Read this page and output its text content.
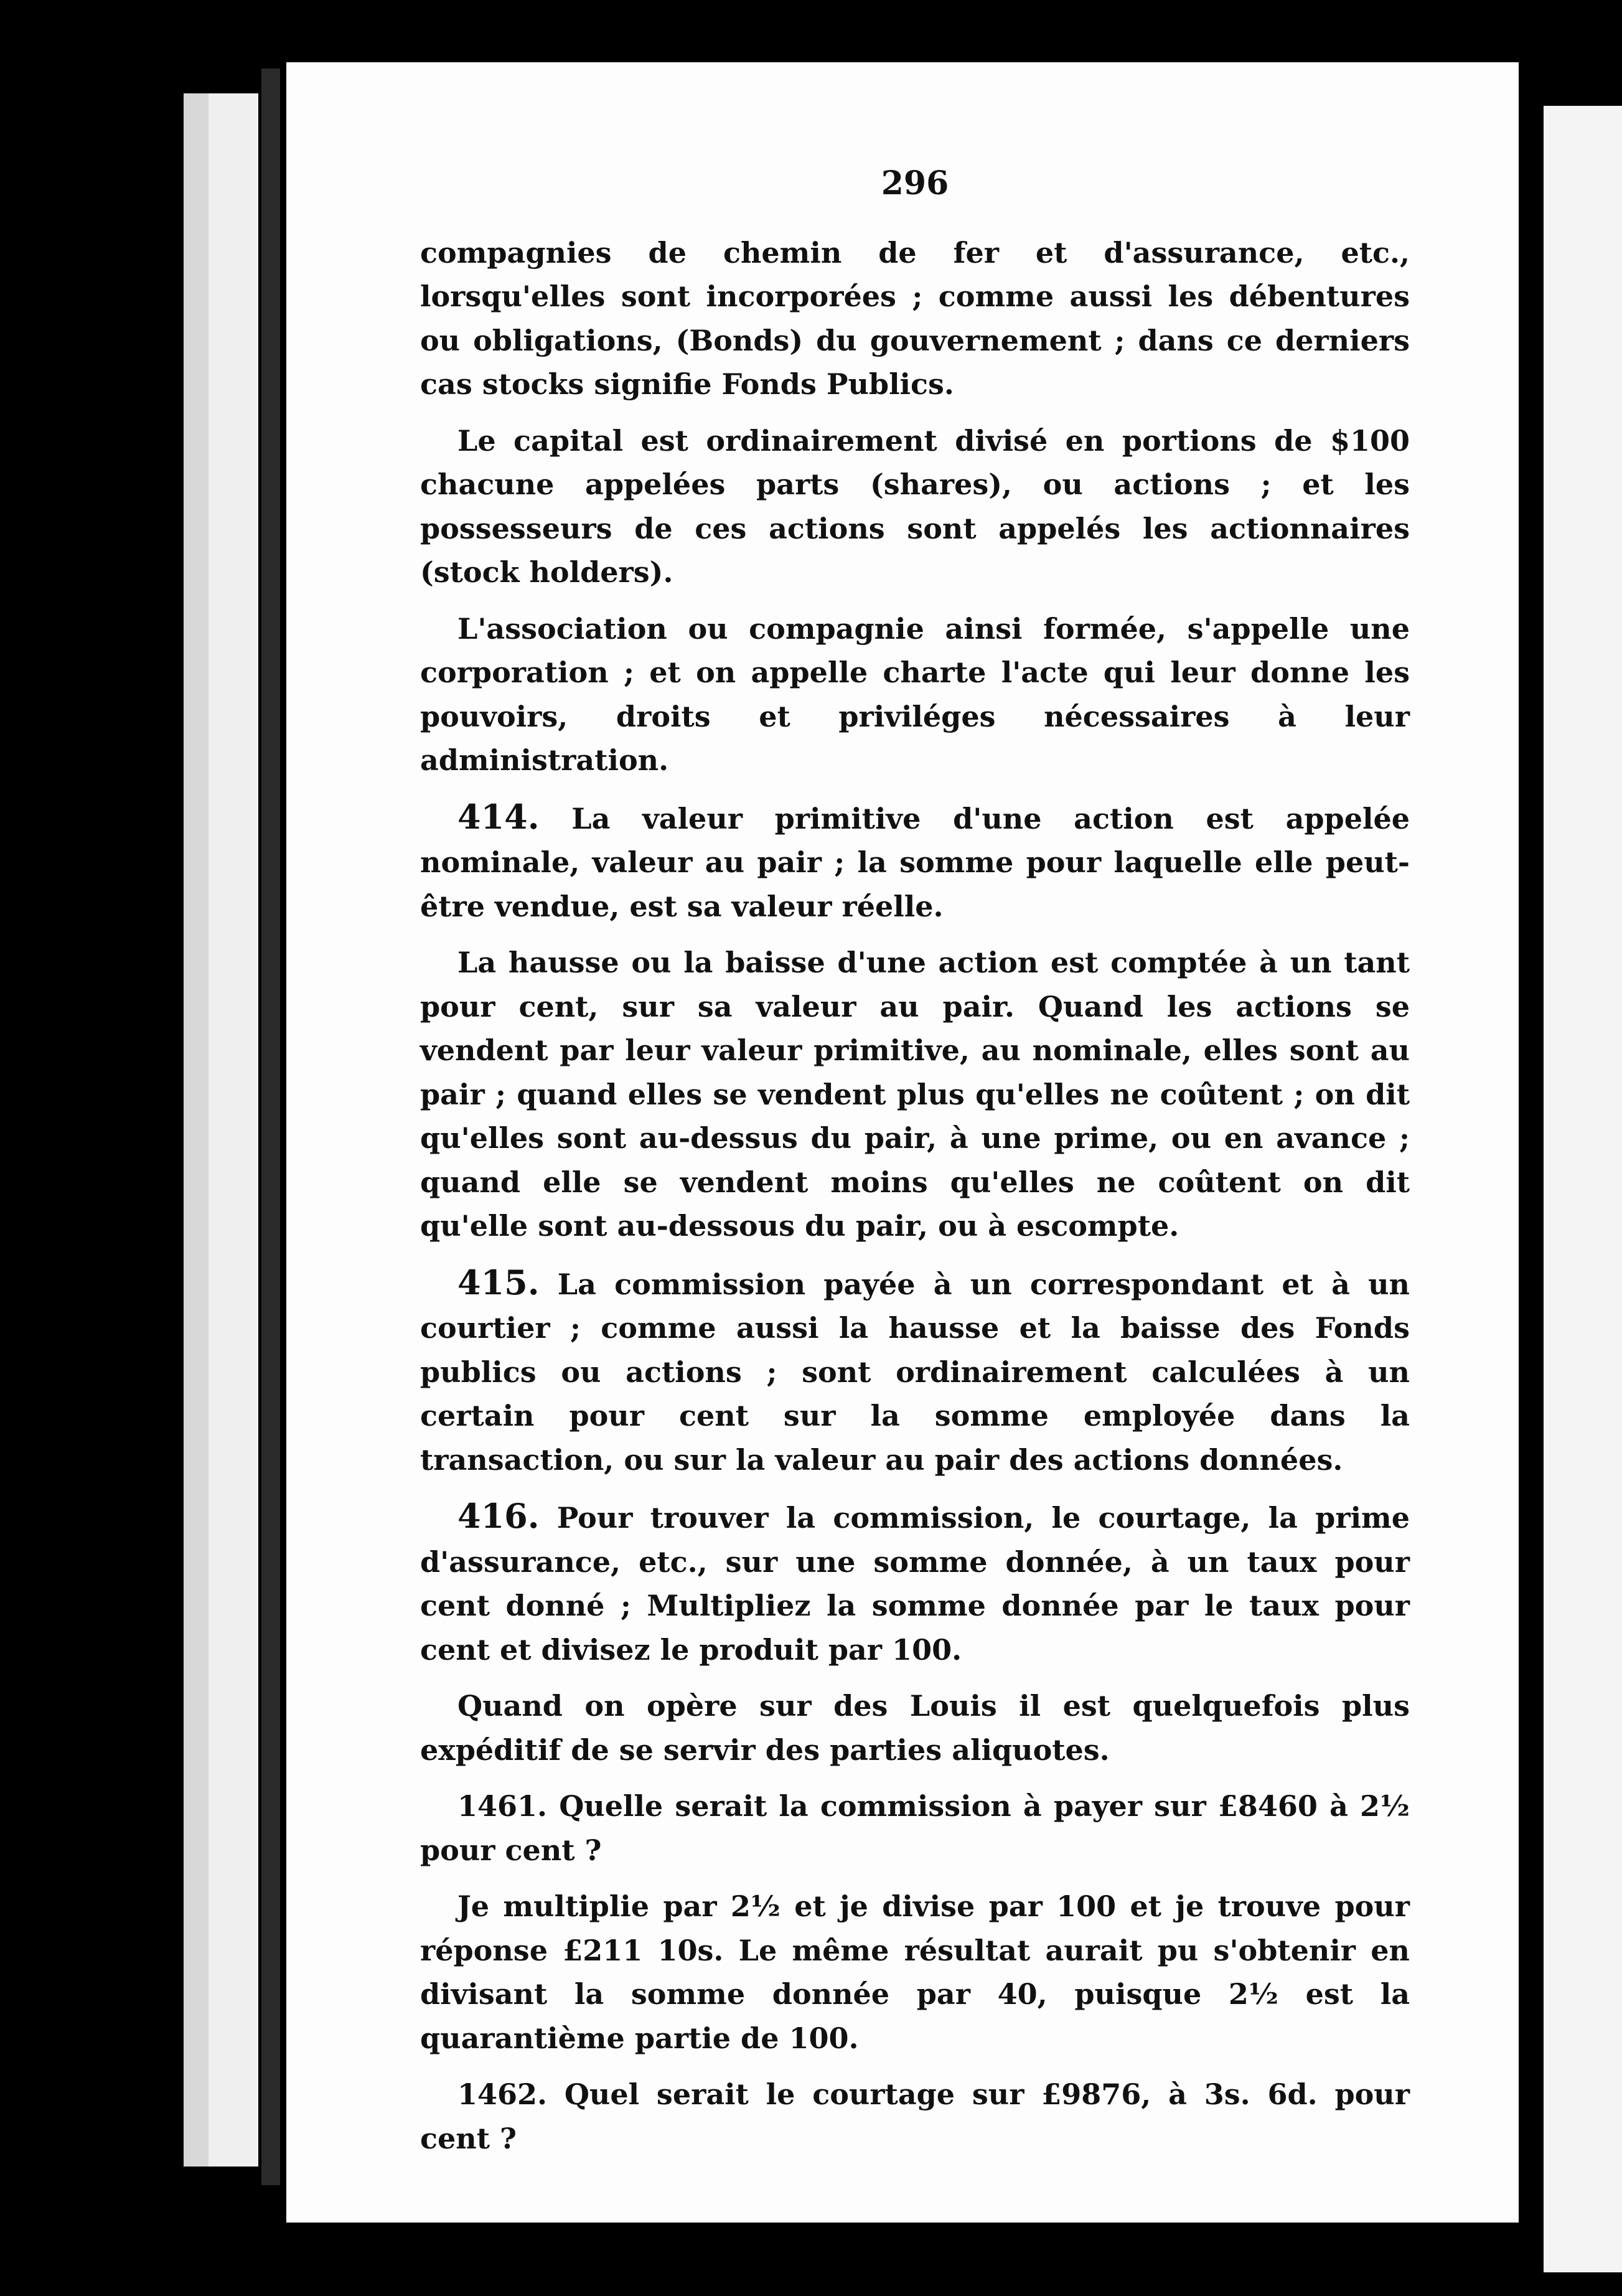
296

compagnies de chemin de fer et d'assurance, etc., lorsqu'elles sont incorporées ; comme aussi les débentures ou obligations, (Bonds) du gouvernement ; dans ce derniers cas stocks signifie Fonds Publics.

Le capital est ordinairement divisé en portions de $100 chacune appelées parts (shares), ou actions ; et les possesseurs de ces actions sont appelés les actionnaires (stock holders).

L'association ou compagnie ainsi formée, s'appelle une corporation ; et on appelle charte l'acte qui leur donne les pouvoirs, droits et priviléges nécessaires à leur administration.

414. La valeur primitive d'une action est appelée nominale, valeur au pair ; la somme pour laquelle elle peut-être vendue, est sa valeur réelle.

La hausse ou la baisse d'une action est comptée à un tant pour cent, sur sa valeur au pair. Quand les actions se vendent par leur valeur primitive, au nominale, elles sont au pair ; quand elles se vendent plus qu'elles ne coûtent ; on dit qu'elles sont au-dessus du pair, à une prime, ou en avance ; quand elle se vendent moins qu'elles ne coûtent on dit qu'elle sont au-dessous du pair, ou à escompte.

415. La commission payée à un correspondant et à un courtier ; comme aussi la hausse et la baisse des Fonds publics ou actions ; sont ordinairement calculées à un certain pour cent sur la somme employée dans la transaction, ou sur la valeur au pair des actions données.

416. Pour trouver la commission, le courtage, la prime d'assurance, etc., sur une somme donnée, à un taux pour cent donné ; Multipliez la somme donnée par le taux pour cent et divisez le produit par 100.

Quand on opère sur des Louis il est quelquefois plus expéditif de se servir des parties aliquotes.

1461. Quelle serait la commission à payer sur £8460 à 2½ pour cent ?

Je multiplie par 2½ et je divise par 100 et je trouve pour réponse £211 10s. Le même résultat aurait pu s'obtenir en divisant la somme donnée par 40, puisque 2½ est la quarantième partie de 100.

1462. Quel serait le courtage sur £9876, à 3s. 6d. pour cent ?
